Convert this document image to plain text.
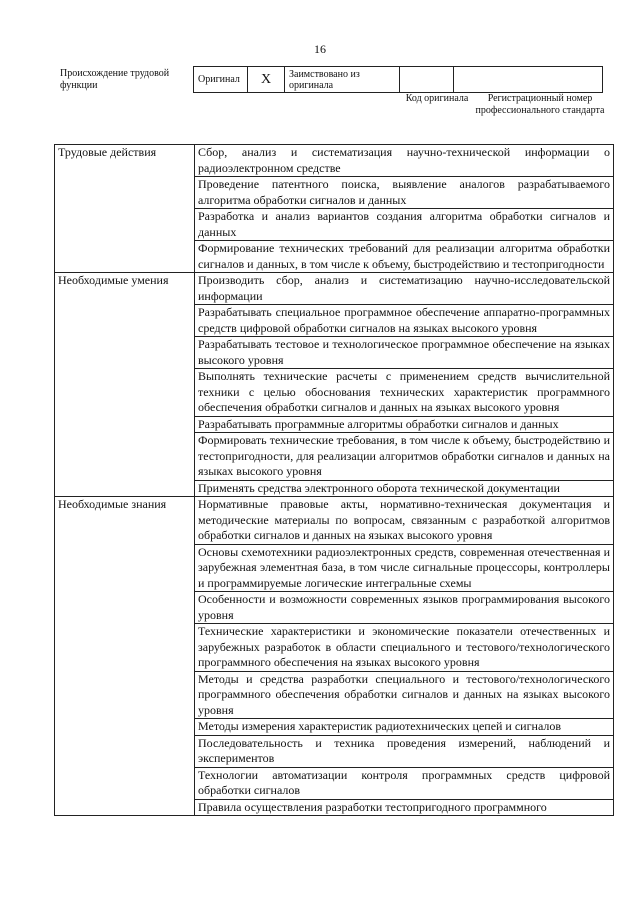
16
Происхождение трудовой функции
Оригинал	X	Заимствовано из оригинала		
Код оригинала	Регистрационный номер профессионального стандарта
Трудовые действия	Сбор, анализ и систематизация научно-технической информации о радиоэлектронном средстве
	Проведение патентного поиска, выявление аналогов разрабатываемого алгоритма обработки сигналов и данных
	Разработка и анализ вариантов создания алгоритма обработки сигналов и данных
	Формирование технических требований для реализации алгоритма обработки сигналов и данных, в том числе к объему, быстродействию и тестопригодности
Необходимые умения	Производить сбор, анализ и систематизацию научно-исследовательской информации
	Разрабатывать специальное программное обеспечение аппаратно-программных средств цифровой обработки сигналов на языках высокого уровня
	Разрабатывать тестовое и технологическое программное обеспечение на языках высокого уровня
	Выполнять технические расчеты с применением средств вычислительной техники с целью обоснования технических характеристик программного обеспечения обработки сигналов и данных на языках высокого уровня
	Разрабатывать программные алгоритмы обработки сигналов и данных
	Формировать технические требования, в том числе к объему, быстродействию и тестопригодности, для реализации алгоритмов обработки сигналов и данных на языках высокого уровня
	Применять средства электронного оборота технической документации
Необходимые знания	Нормативные правовые акты, нормативно-техническая документация и методические материалы по вопросам, связанным с разработкой алгоритмов обработки сигналов и данных на языках высокого уровня
	Основы схемотехники радиоэлектронных средств, современная отечественная и зарубежная элементная база, в том числе сигнальные процессоры, контроллеры и программируемые логические интегральные схемы
	Особенности и возможности современных языков программирования высокого уровня
	Технические характеристики и экономические показатели отечественных и зарубежных разработок в области специального и тестового/технологического программного обеспечения на языках высокого уровня
	Методы и средства разработки специального и тестового/технологического программного обеспечения обработки сигналов и данных на языках высокого уровня
	Методы измерения характеристик радиотехнических цепей и сигналов
	Последовательность и техника проведения измерений, наблюдений и экспериментов
	Технологии автоматизации контроля программных средств цифровой обработки сигналов
	Правила осуществления разработки тестопригодного программного
